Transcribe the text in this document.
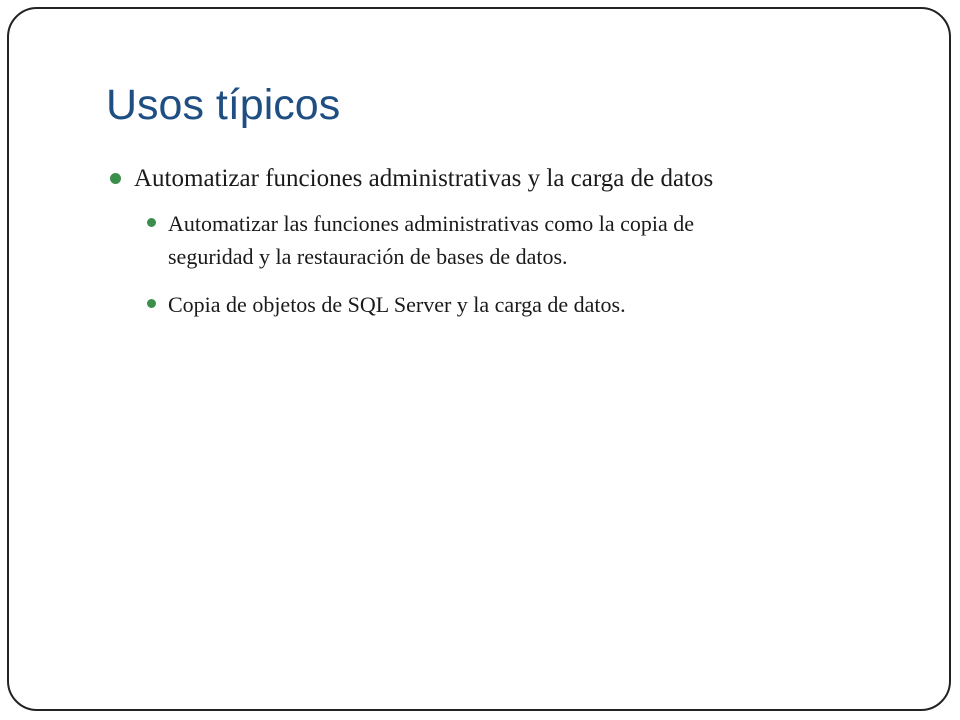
Usos típicos
Automatizar funciones administrativas y la carga de datos
Automatizar las funciones administrativas como la copia de
seguridad y la restauración de bases de datos.
Copia de objetos de SQL Server y la carga de datos.
